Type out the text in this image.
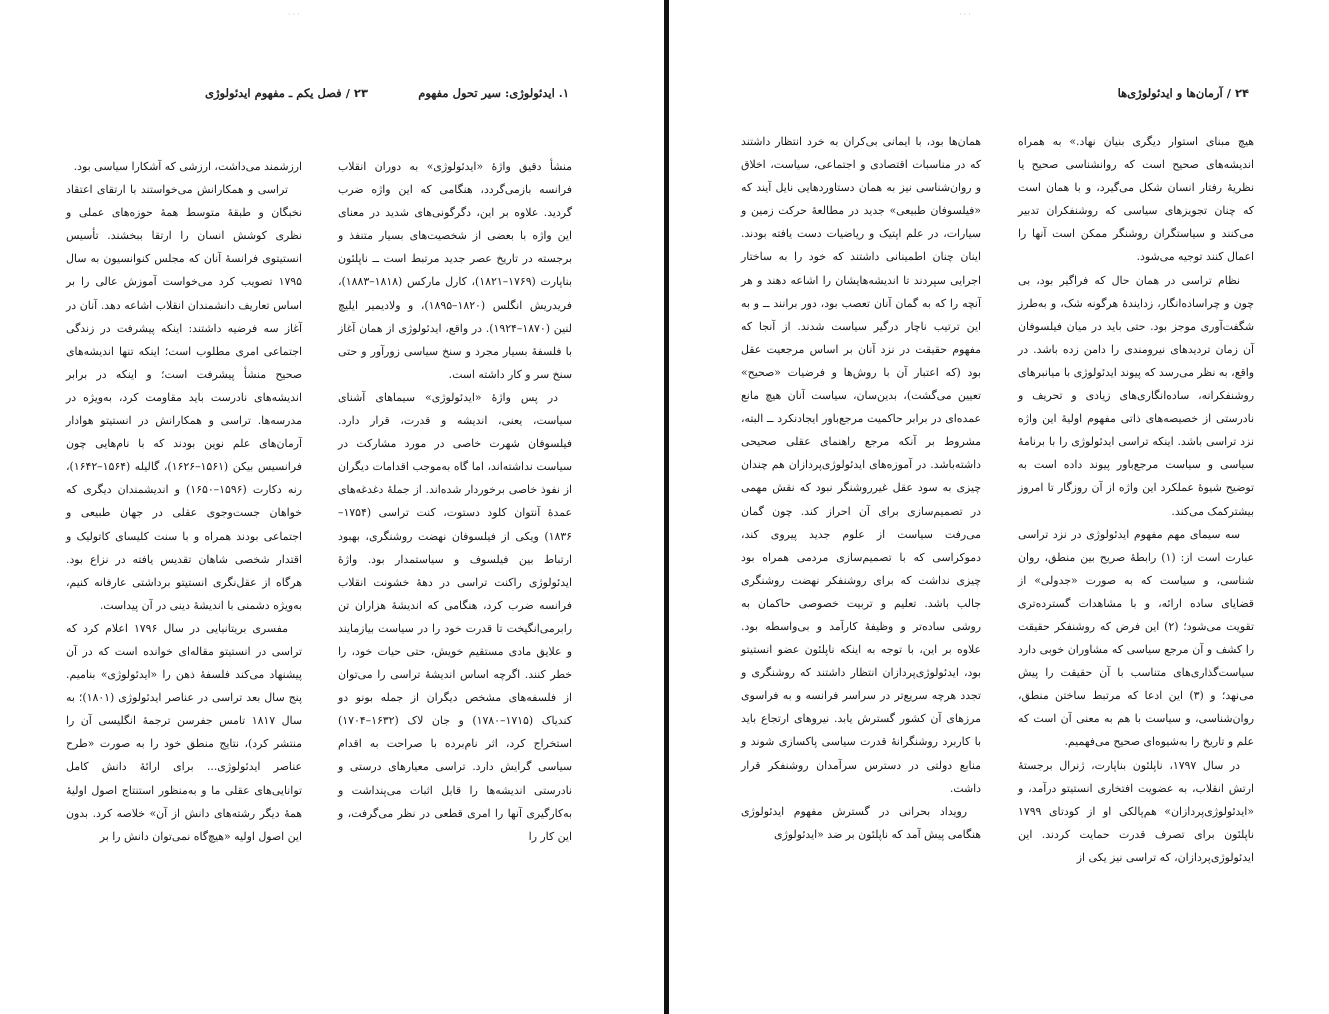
···
۲۳ / فصل یکم ـ مفهوم ایدئولوژی	۱. ایدئولوژی: سیر تحول مفهوم

منشأ دقیق واژهٔ «ایدئولوژی» به دوران انقلاب فرانسه بازمی‌گردد، هنگامی که این واژه ضرب گردید. علاوه بر این، دگرگونی‌های شدید در معنای این واژه با بعضی از شخصیت‌های بسیار متنفذ و برجسته در تاریخ عصر جدید مرتبط است ــ ناپلئون بناپارت (۱۷۶۹–۱۸۲۱)، کارل مارکس (۱۸۱۸–۱۸۸۳)، فریدریش انگلس (۱۸۲۰–۱۸۹۵)، و ولادیمیر ایلیچ لنین (۱۸۷۰–۱۹۲۴). در واقع، ایدئولوژی از همان آغاز با فلسفهٔ بسیار مجرد و سنخ سیاسی زورآور و حتی سنخ سر و کار داشته است.

در پس واژهٔ «ایدئولوژی» سیماهای آشنای سیاست، یعنی، اندیشه و قدرت، قرار دارد. فیلسوفان شهرت خاصی در مورد مشارکت در سیاست نداشته‌اند، اما گاه به‌موجب اقدامات دیگران از نفوذ خاصی برخوردار شده‌اند. از جملهٔ دغدغه‌های عمدهٔ آنتوان کلود دستوت، کنت تراسی (۱۷۵۴–۱۸۳۶) ویکی از فیلسوفان نهضت روشنگری، بهبود ارتباط بین فیلسوف و سیاستمدار بود. واژهٔ ایدئولوژی راکنت تراسی در دههٔ خشونت انقلاب فرانسه ضرب کرد، هنگامی که اندیشهٔ هزاران تن رابرمی‌انگیخت تا قدرت خود را در سیاست بیازمایند و علایق مادی مستقیم خویش، حتی حیات خود، را خطر کنند. اگرچه اساس اندیشهٔ تراسی را می‌توان از فلسفه‌های مشخص دیگران از جمله بونو دو کندیاک (۱۷۱۵–۱۷۸۰) و جان لاک (۱۶۳۲–۱۷۰۴) استخراج کرد، اثر نام‌برده با صراحت به اقدام سیاسی گرایش دارد. تراسی معیارهای درستی و نادرستی اندیشه‌ها را قابل اثبات می‌پنداشت و به‌کارگیری آنها را امری قطعی در نظر می‌گرفت، و این کار را

ارزشمند می‌داشت، ارزشی که آشکارا سیاسی بود.

تراسی و همکارانش می‌خواستند با ارتقای اعتقاد نخبگان و طبقهٔ متوسط همهٔ حوزه‌های عملی و نظری کوشش انسان را ارتقا ببخشند. تأسیس انستیتوی فرانسهٔ آنان که مجلس کنوانسیون به سال ۱۷۹۵ تصویب کرد می‌خواست آموزش عالی را بر اساس تعاریف دانشمندان انقلاب اشاعه دهد. آنان در آغاز سه فرضیه داشتند: اینکه پیشرفت در زندگی اجتماعی امری مطلوب است؛ اینکه تنها اندیشه‌های صحیح منشأ پیشرفت است؛ و اینکه در برابر اندیشه‌های نادرست باید مقاومت کرد، به‌ویژه در مدرسه‌ها. تراسی و همکارانش در انستیتو هوادار آرمان‌های علم نوین بودند که با نام‌هایی چون فرانسیس بیکن (۱۵۶۱–۱۶۲۶)، گالیله (۱۵۶۴–۱۶۴۲)، رنه دکارت (۱۵۹۶–۱۶۵۰) و اندیشمندان دیگری که خواهان جست‌وجوی عقلی در جهان طبیعی و اجتماعی بودند همراه و با سنت کلیسای کاتولیک و اقتدار شخصی شاهان تقدیس یافته در نزاع بود. هرگاه از عقل‌نگری انستیتو برداشتی عارفانه کنیم، به‌ویژه دشمنی با اندیشهٔ دینی در آن پیداست.

مفسری بریتانیایی در سال ۱۷۹۶ اعلام کرد که تراسی در انستیتو مقاله‌ای خوانده است که در آن پیشنهاد می‌کند فلسفهٔ ذهن را «ایدئولوژی» بنامیم. پنج سال بعد تراسی در عناصر ایدئولوژی (۱۸۰۱)؛ به سال ۱۸۱۷ تامس جفرسن ترجمهٔ انگلیسی آن را منتشر کرد)، نتایج منطق خود را به صورت «طرح عناصر ایدئولوژی... برای ارائهٔ دانش کامل توانایی‌های عقلی ما و به‌منظور استنتاج اصول اولیهٔ همهٔ دیگر رشته‌های دانش از آن» خلاصه کرد. بدون این اصول اولیه «هیچ‌گاه نمی‌توان دانش را بر

···
۲۴ / آرمان‌ها و ایدئولوژی‌ها

هیچ مبنای استوار دیگری بنیان نهاد.» به همراه اندیشه‌های صحیح است که روانشناسی صحیح یا نظریهٔ رفتار انسان شکل می‌گیرد، و با همان است که چنان تجویزهای سیاسی که روشنفکران تدبیر می‌کنند و سیاستگران روشنگر ممکن است آنها را اعمال کنند توجیه می‌شود.

نظام تراسی در همان حال که فراگیر بود، بی چون و چراساده‌انگار، زدایندهٔ هرگونه شک، و به‌طرز شگفت‌آوری موجز بود. حتی باید در میان فیلسوفان آن زمان تردیدهای نیرومندی را دامن زده باشد. در واقع، به نظر می‌رسد که پیوند ایدئولوژی با میانبرهای روشنفکرانه، ساده‌انگاری‌های زیادی و تحریف و نادرستی از خصیصه‌های ذاتی مفهوم اولیهٔ این واژه نزد تراسی باشد. اینکه تراسی ایدئولوژی را با برنامهٔ سیاسی و سیاست مرجع‌باور پیوند داده است به توضیح شیوهٔ عملکرد این واژه از آن روزگار تا امروز بیشترکمک می‌کند.

سه سیمای مهم مفهوم ایدئولوژی در نزد تراسی عبارت است از: (۱) رابطهٔ صریح بین منطق، روان شناسی، و سیاست که به صورت «جدولی» از قضایای ساده ارائه، و با مشاهدات گسترده‌تری تقویت می‌شود؛ (۲) این فرض که روشنفکر حقیقت را کشف و آن مرجع سیاسی که مشاوران خوبی دارد سیاست‌گذاری‌های متناسب با آن حقیقت را پیش می‌نهد؛ و (۳) این ادعا که مرتبط ساختن منطق، روان‌شناسی، و سیاست با هم به معنی آن است که علم و تاریخ را به‌شیوه‌ای صحیح می‌فهمیم.

در سال ۱۷۹۷، ناپلئون بناپارت، ژنرال برجستهٔ ارتش انقلاب، به عضویت افتخاری انستیتو درآمد، و «ایدئولوژی‌پردازان» هم‌پالکی او از کودتای ۱۷۹۹ ناپلئون برای تصرف قدرت حمایت کردند. این ایدئولوژی‌پردازان، که تراسی نیز یکی از

همان‌ها بود، با ایمانی بی‌کران به خرد انتظار داشتند که در مناسبات اقتصادی و اجتماعی، سیاست، اخلاق و روان‌شناسی نیز به همان دستاوردهایی نایل آیند که «فیلسوفان طبیعی» جدید در مطالعهٔ حرکت زمین و سیارات، در علم اپتیک و ریاضیات دست یافته بودند. اینان چنان اطمینانی داشتند که خود را به ساختار اجرایی سپردند تا اندیشه‌هایشان را اشاعه دهند و هر آنچه را که به گمان آنان تعصب بود، دور برانند ــ و به این ترتیب ناچار درگیر سیاست شدند. از آنجا که مفهوم حقیقت در نزد آنان بر اساس مرجعیت عقل بود (که اعتبار آن با روش‌ها و فرضیات «صحیح» تعیین می‌گشت)، بدین‌سان، سیاست آنان هیچ مانع عمده‌ای در برابر حاکمیت مرجع‌باور ایجادنکرد ــ البته، مشروط بر آنکه مرجع راهنمای عقلی صحیحی داشته‌باشد. در آموزه‌های ایدئولوژی‌پردازان هم چندان چیزی به سود عقل غیرروشنگر نبود که نقش مهمی در تصمیم‌سازی برای آن احراز کند. چون گمان می‌رفت سیاست از علوم جدید پیروی کند، دموکراسی که با تصمیم‌سازی مردمی همراه بود چیزی نداشت که برای روشنفکر نهضت روشنگری جالب باشد. تعلیم و تربیت خصوصی حاکمان به روشی ساده‌تر و وظیفهٔ کارآمد و بی‌واسطه بود. علاوه بر این، با توجه به اینکه ناپلئون عضو انستیتو بود، ایدئولوژی‌پردازان انتظار داشتند که روشنگری و تجدد هرچه سریع‌تر در سراسر فرانسه و به فراسوی مرزهای آن کشور گسترش یابد. نیروهای ارتجاع باید با کاربرد روشنگرانهٔ قدرت سیاسی پاکسازی شوند و منابع دولتی در دسترس سرآمدان روشنفکر قرار داشت.

رویداد بحرانی در گسترش مفهوم ایدئولوژی هنگامی پیش آمد که ناپلئون بر ضد «ایدئولوژی‌
